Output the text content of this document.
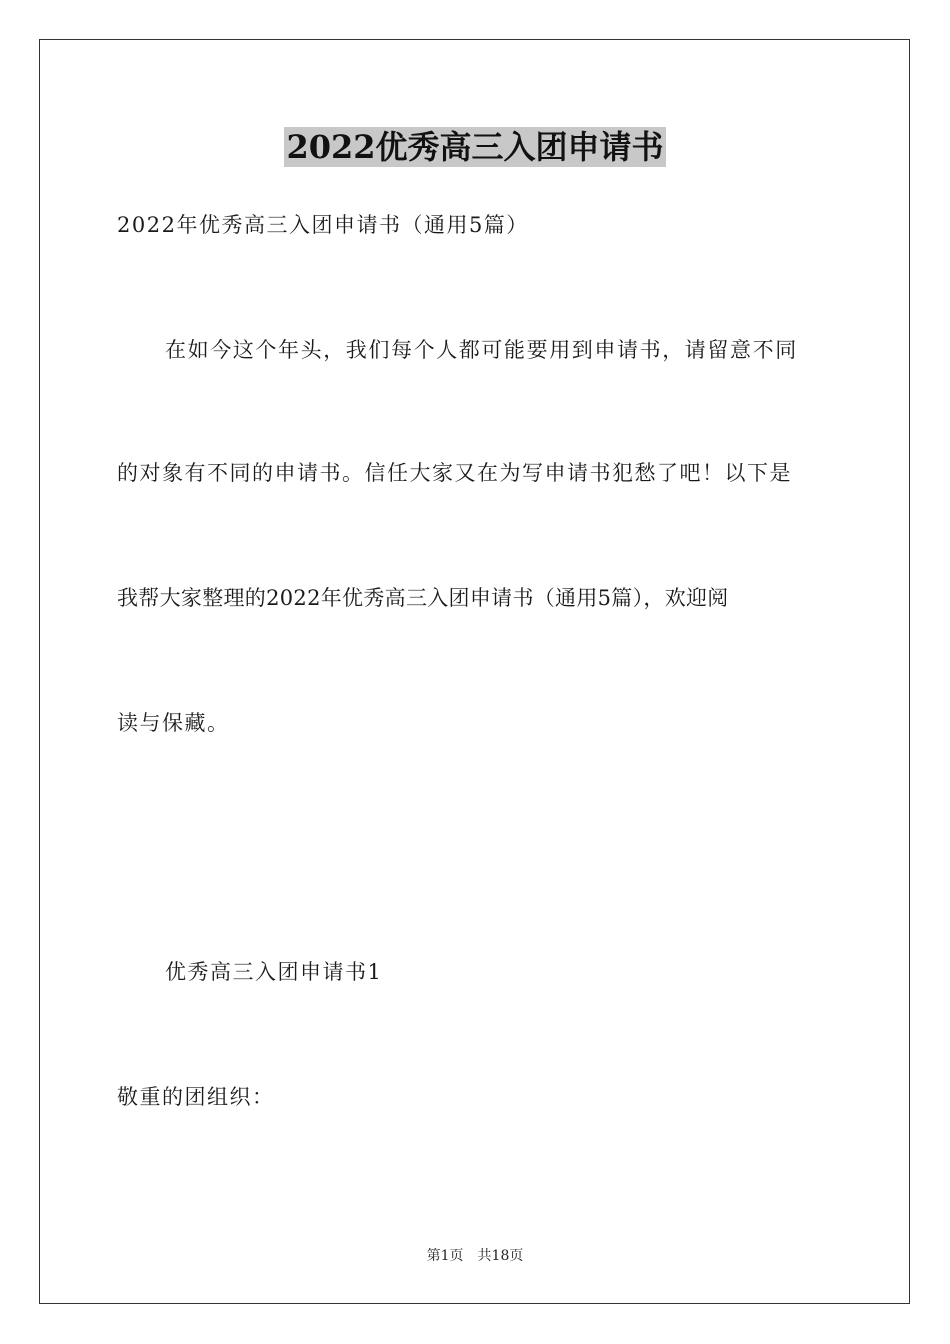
2022优秀高三入团申请书
2022年优秀高三入团申请书（通用5篇）
在如今这个年头，我们每个人都可能要用到申请书，请留意不同
的对象有不同的申请书。信任大家又在为写申请书犯愁了吧！以下是
我帮大家整理的2022年优秀高三入团申请书（通用5篇），欢迎阅
读与保藏。
优秀高三入团申请书1
敬重的团组织：
第1页　共18页
